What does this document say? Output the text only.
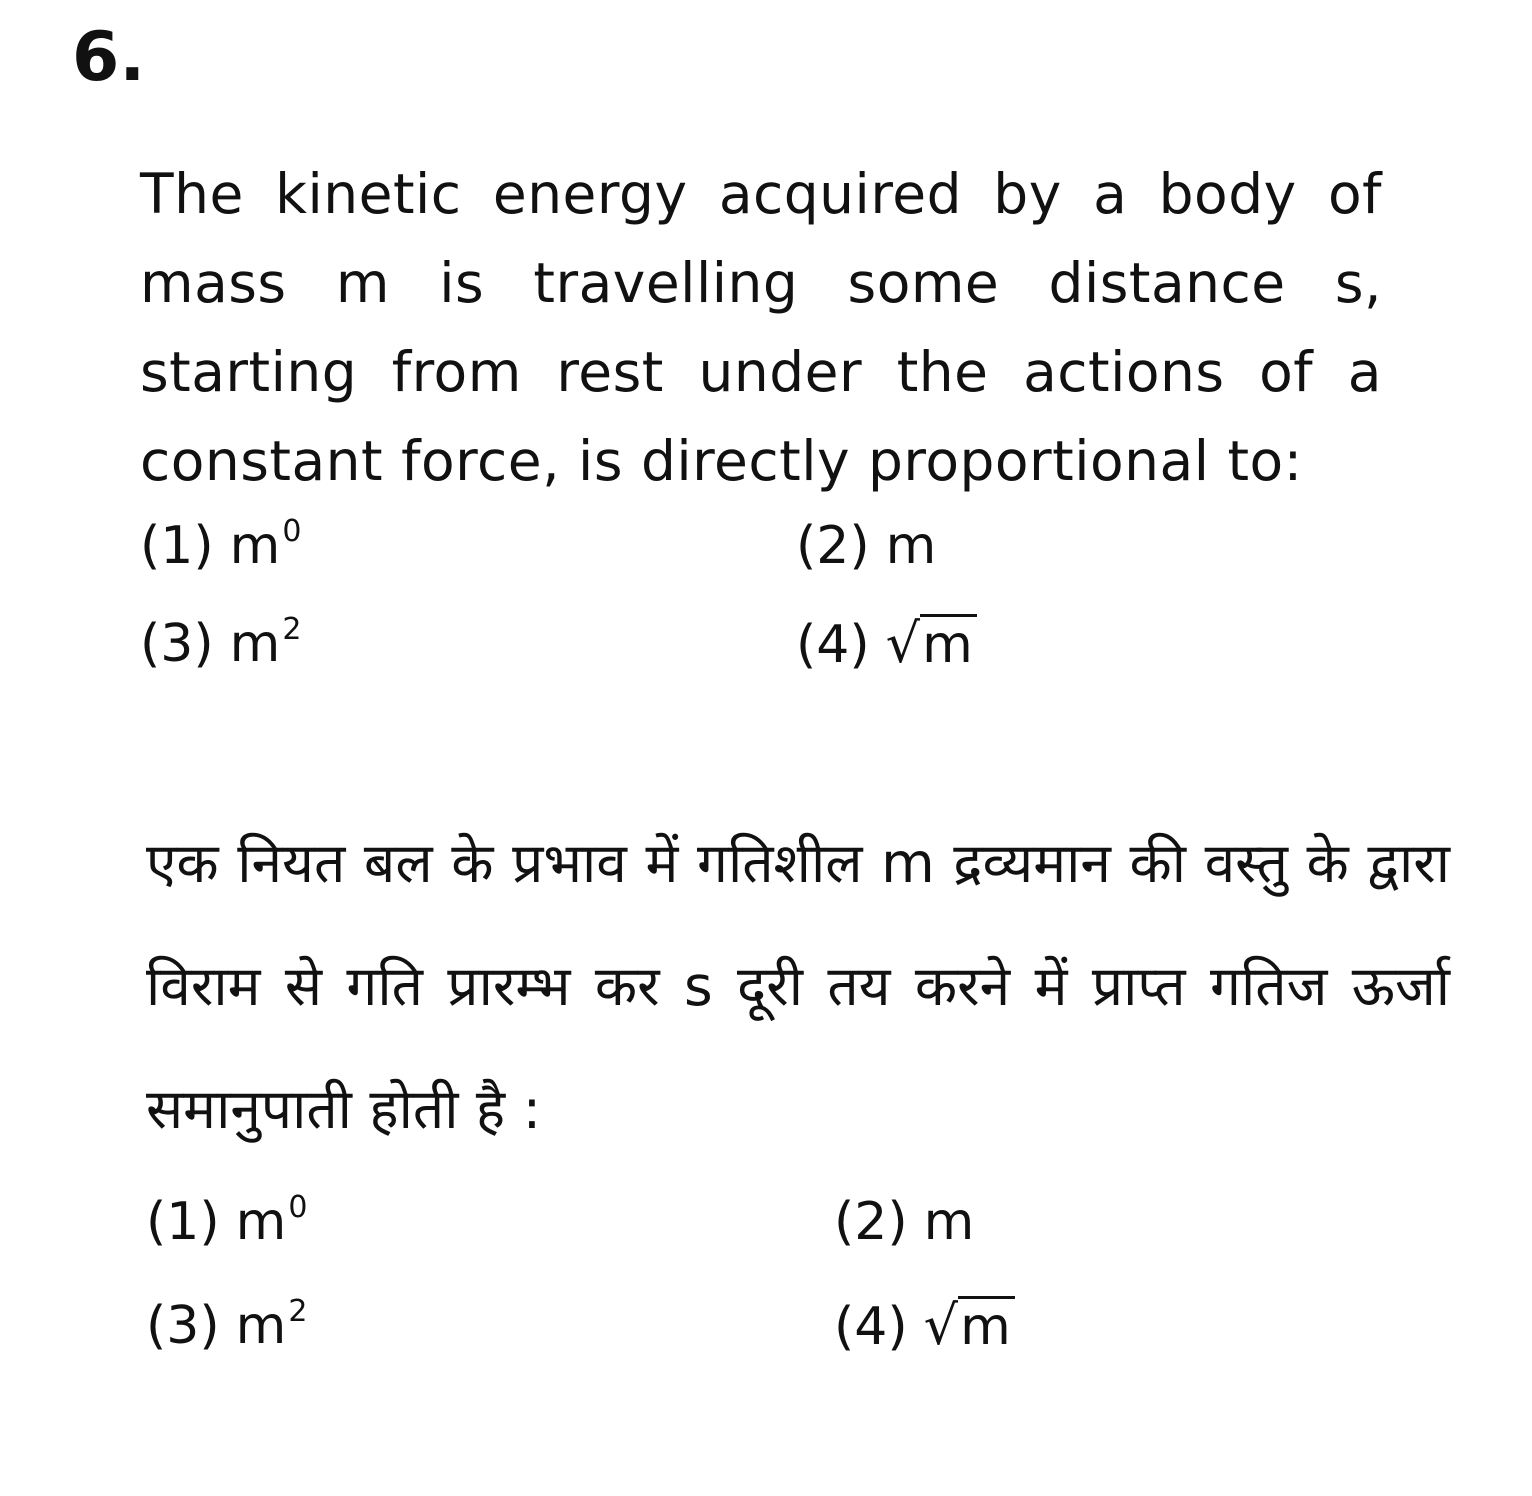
6.
The kinetic energy acquired by a body of mass m is travelling some distance s, starting from rest under the actions of a constant force, is directly proportional to:
(1) $m^0$	(2) m
(3) $m^2$	(4) √m
एक नियत बल के प्रभाव में गतिशील m द्रव्यमान की वस्तु के द्वारा विराम से गति प्रारम्भ कर s दूरी तय करने में प्राप्त गतिज ऊर्जा समानुपाती होती है :
(1) $m^0$	(2) m
(3) $m^2$	(4) √m
